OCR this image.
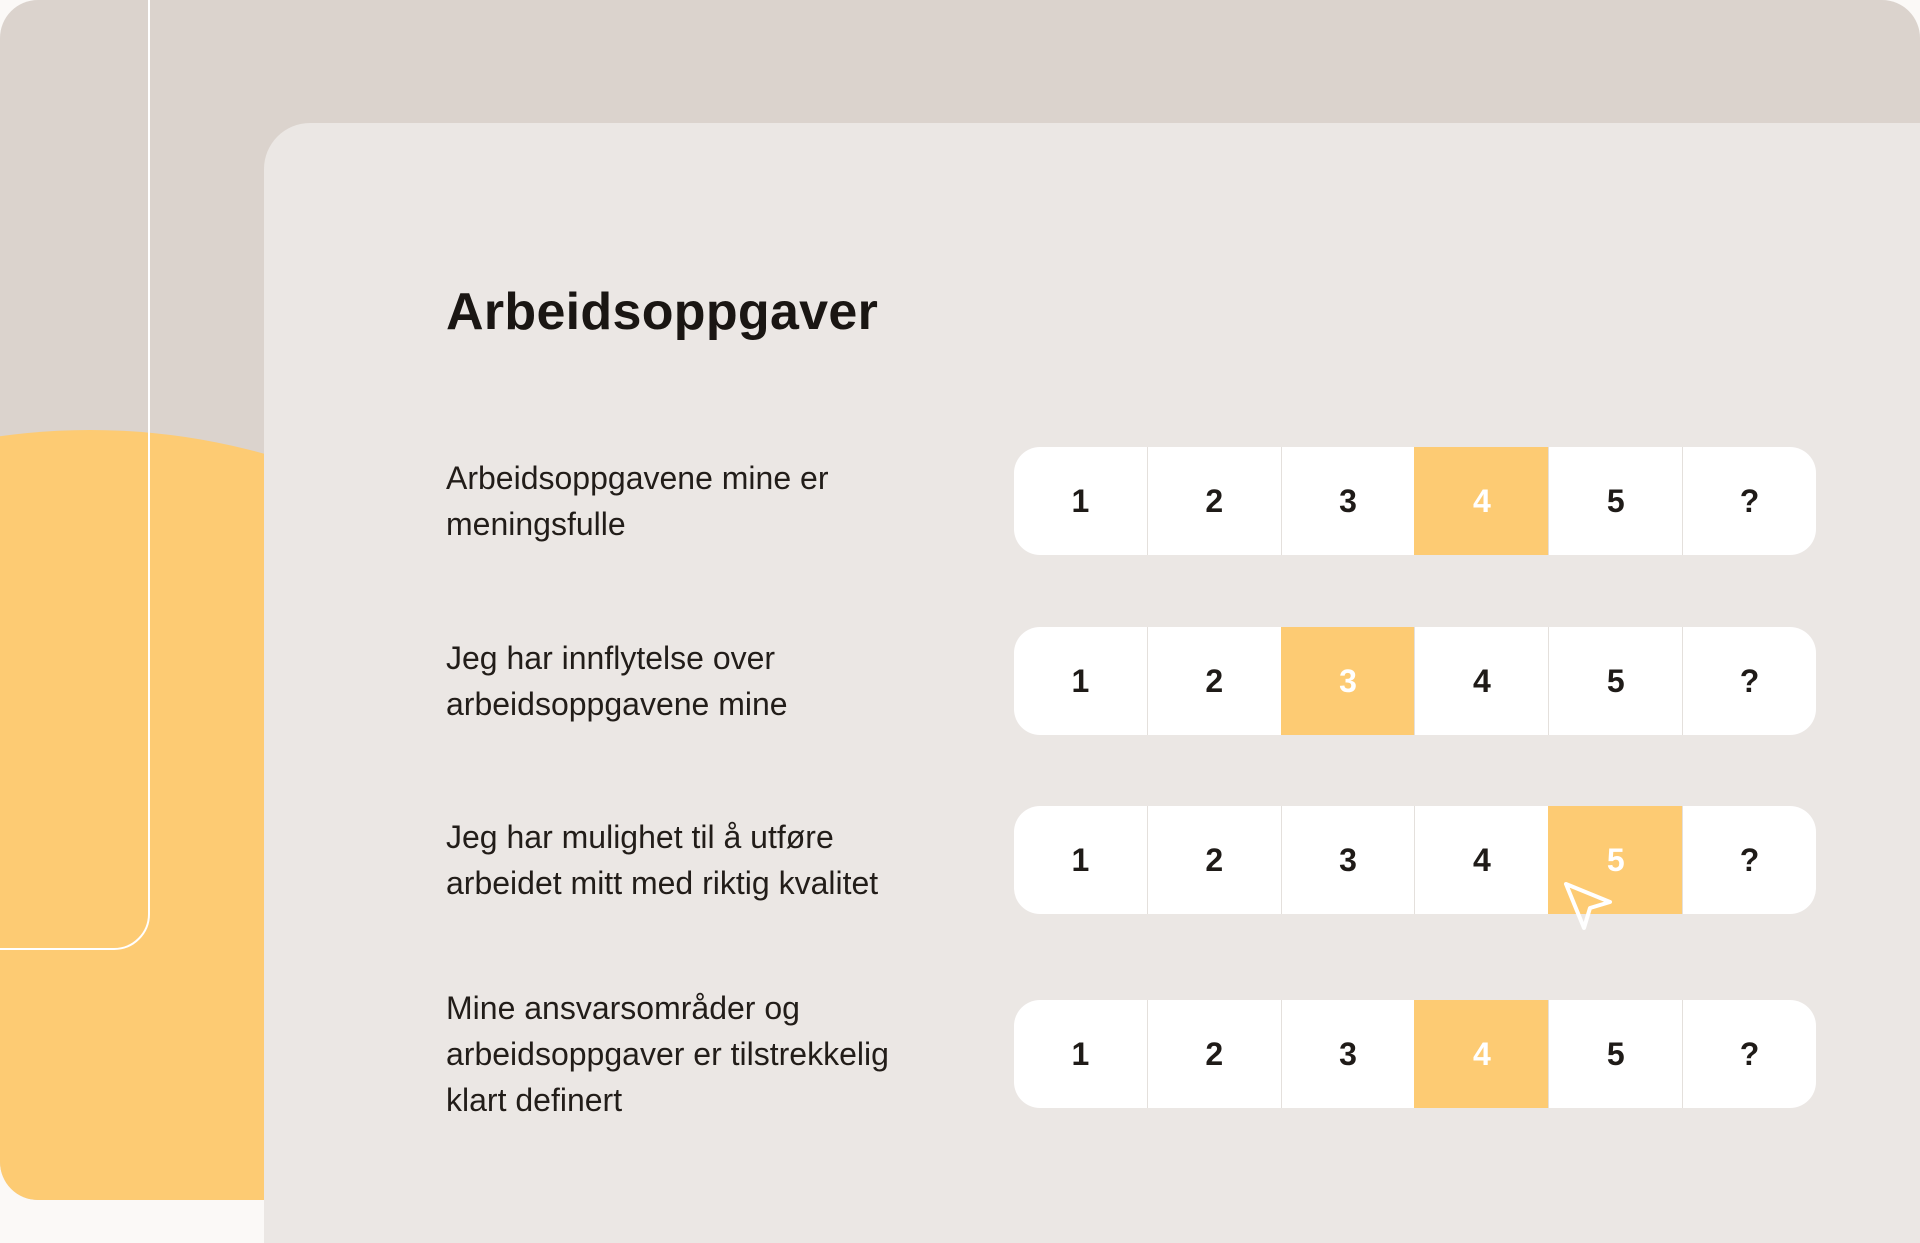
Arbeidsoppgaver
Arbeidsoppgavene mine er
meningsfulle
1	2	3	4	5	?
Jeg har innflytelse over
arbeidsoppgavene mine
1	2	3	4	5	?
Jeg har mulighet til å utføre
arbeidet mitt med riktig kvalitet
1	2	3	4	5	?
Mine ansvarsområder og
arbeidsoppgaver er tilstrekkelig
klart definert
1	2	3	4	5	?
